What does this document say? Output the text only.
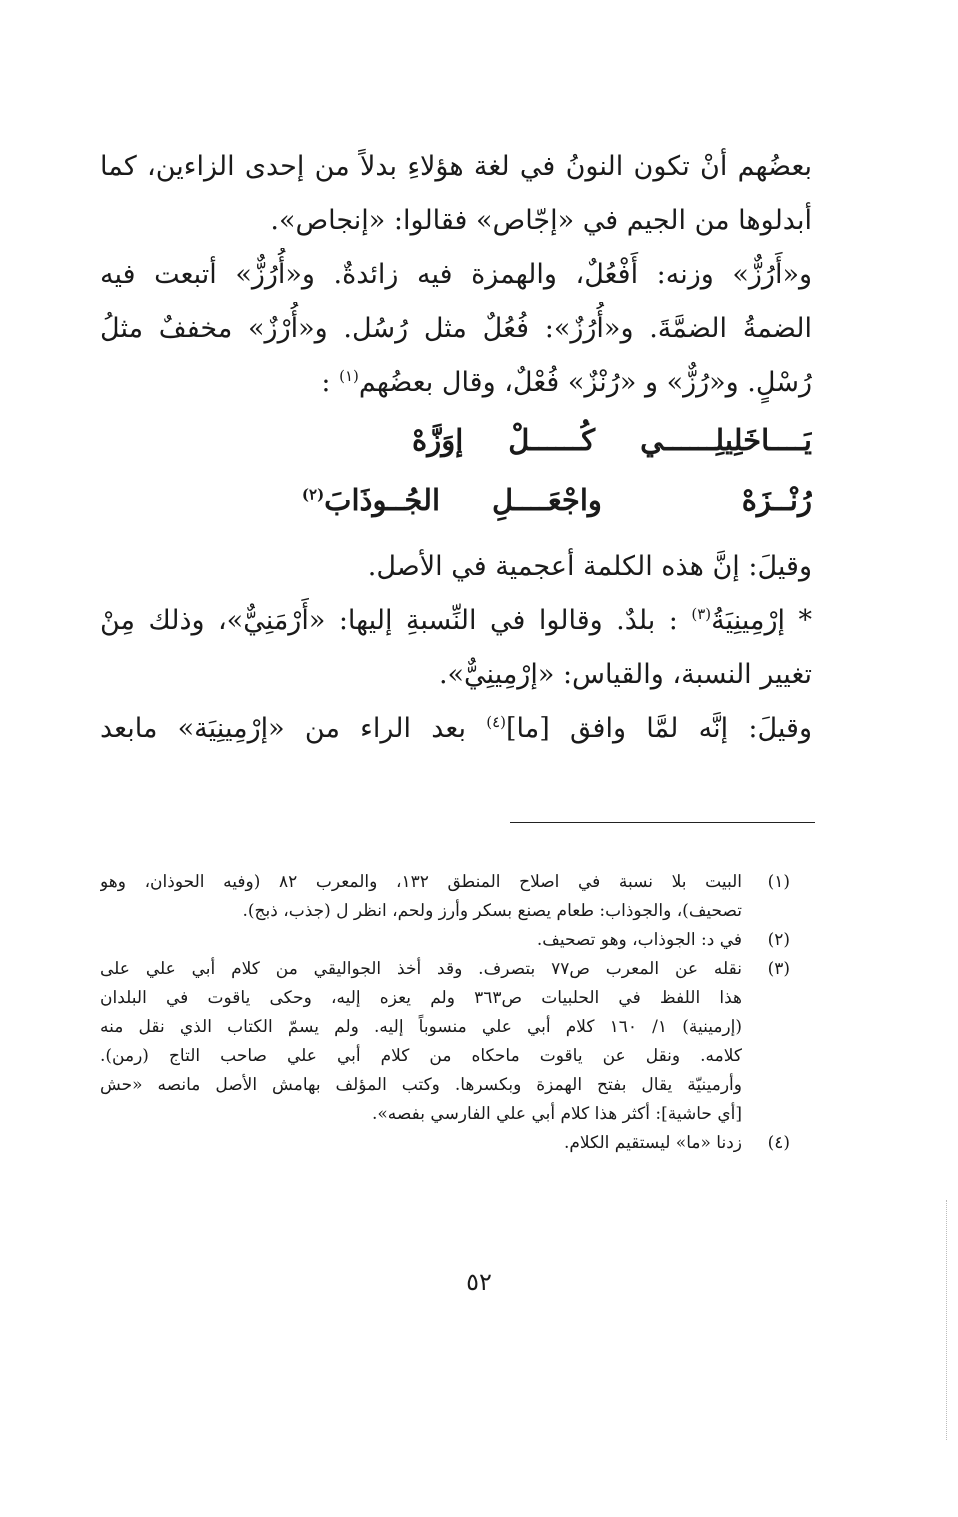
بعضُهم أنْ تكون النونُ في لغة هؤلاءِ بدلاً من إحدى الزاءين، كما
أبدلوها من الجيم في «إجّاص» فقالوا: «إنجاص».
و«أَرُزٌّ» وزنه: أَفْعُلٌ، والهمزة فيه زائدةٌ. و«أُرُزٌّ» أتبعت فيه
الضمةُ الضمَّةَ. و«أُرُزٌ»: فُعُلٌ مثل رُسُل. و«أُرْزٌ» مخففٌ مثلُ
رُسْلٍ. و«رُزٌّ» و «رُنْزٌ» فُعْلٌ، وقال بعضُهم$^{(١)}$ :
يَــــاخَلِيلِــــــي كُــــــلْ إوَزَّهْ
رُنْــزَهْ واجْعَــــلِ الجُــوذَابَ$^{(٢)}$
وقيلَ: إنَّ هذه الكلمة أعجمية في الأصل.
* إرْمِينِيَةُ$^{(٣)}$ : بلدٌ. وقالوا في النِّسبةِ إليها: «أَرْمَنِيٌّ»، وذلك مِنْ
تغيير النسبة، والقياس: «إرْمِينِيٌّ».
وقيلَ: إنَّه لمَّا وافق [ما]$^{(٤)}$ بعد الراء من «إرْمِينِيَة» مابعد
(١)
البيت بلا نسبة في اصلاح المنطق ١٣٢، والمعرب ٨٢ (وفيه الحوذان، وهو
تصحيف)، والجوذاب: طعام يصنع بسكر وأرز ولحم، انظر ل (جذب، ذبج).
(٢)
في د: الجوذاب، وهو تصحيف.
(٣)
نقله عن المعرب ص٧٧ بتصرف. وقد أخذ الجواليقي من كلام أبي علي على
هذا اللفظ في الحلبيات ص٣٦٣ ولم يعزه إليه، وحكى ياقوت في البلدان
(إرمينية) ١/ ١٦٠ كلام أبي علي منسوباً إليه. ولم يسمّ الكتاب الذي نقل منه
كلامه. ونقل عن ياقوت ماحكاه من كلام أبي علي صاحب التاج (رمن).
وأرمينيّة يقال بفتح الهمزة وبكسرها. وكتب المؤلف بهامش الأصل مانصه «حش
[أي حاشية]: أكثر هذا كلام أبي علي الفارسي بفصه».
(٤)
زدنا «ما» ليستقيم الكلام.
٥٢
